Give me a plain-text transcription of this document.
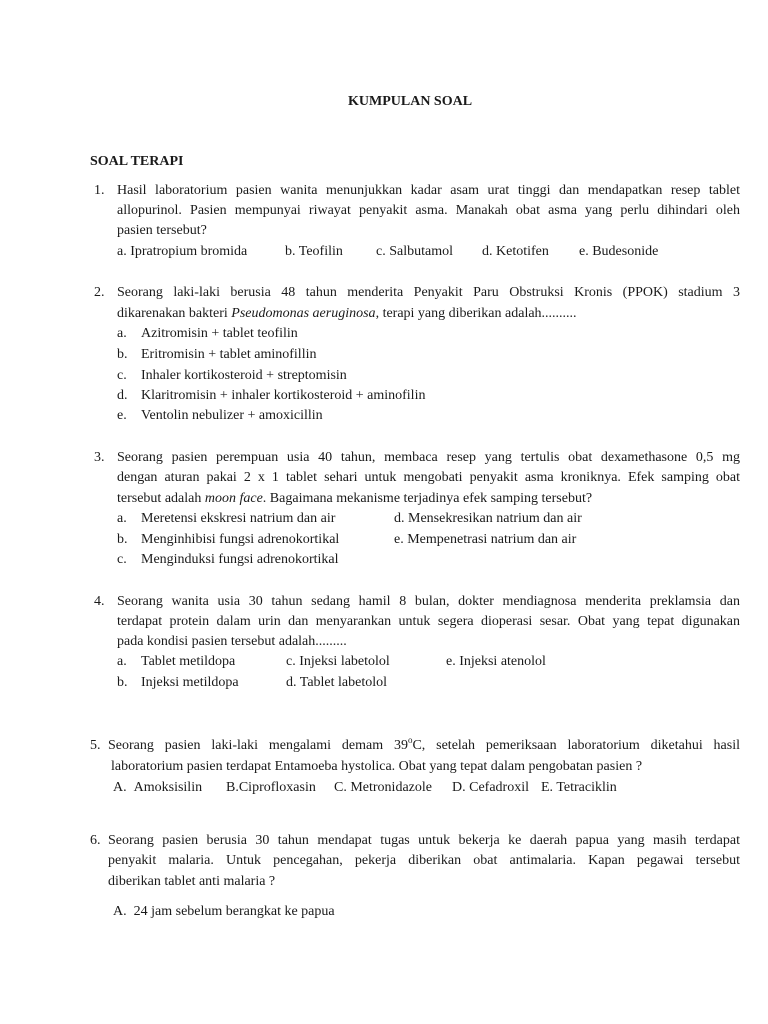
KUMPULAN SOAL
SOAL TERAPI
1. Hasil laboratorium pasien wanita menunjukkan kadar asam urat tinggi dan mendapatkan resep tablet
allopurinol. Pasien mempunyai riwayat penyakit asma. Manakah obat asma yang perlu dihindari oleh
pasien tersebut?
a. Ipratropium bromida	b. Teofilin c. Salbutamol d. Ketotifen e. Budesonide
2. Seorang laki-laki berusia 48 tahun menderita Penyakit Paru Obstruksi Kronis (PPOK) stadium 3
dikarenakan bakteri Pseudomonas aeruginosa, terapi yang diberikan adalah..........
a. Azitromisin + tablet teofilin
b. Eritromisin + tablet aminofillin
c. Inhaler kortikosteroid + streptomisin
d. Klaritromisin + inhaler kortikosteroid + aminofilin
e. Ventolin nebulizer + amoxicillin
3. Seorang pasien perempuan usia 40 tahun, membaca resep yang tertulis obat dexamethasone 0,5 mg
dengan aturan pakai 2 x 1 tablet sehari untuk mengobati penyakit asma kroniknya. Efek samping obat
tersebut adalah moon face. Bagaimana mekanisme terjadinya efek samping tersebut?
a. Meretensi ekskresi natrium dan air
b. Menginhibisi fungsi adrenokortikal
c. Menginduksi fungsi adrenokortikal
d. Mensekresikan natrium dan air
e. Mempenetrasi natrium dan air
4. Seorang wanita usia 30 tahun sedang hamil 8 bulan, dokter mendiagnosa menderita preklamsia dan
terdapat protein dalam urin dan menyarankan untuk segera dioperasi sesar. Obat yang tepat digunakan
pada kondisi pasien tersebut adalah.........
a. Tablet metildopa
b. Injeksi metildopa
c. Injeksi labetolol
d. Tablet labetolol
e. Injeksi atenolol
5. Seorang pasien laki-laki mengalami demam 39$^o$C, setelah pemeriksaan laboratorium diketahui hasil
laboratorium pasien terdapat Entamoeba hystolica. Obat yang tepat dalam pengobatan pasien ?
A. Amoksisilin B.Ciprofloxasin C. Metronidazole D. Cefadroxil E. Tetraciklin
6. Seorang pasien berusia 30 tahun mendapat tugas untuk bekerja ke daerah papua yang masih terdapat
penyakit malaria. Untuk pencegahan, pekerja diberikan obat antimalaria. Kapan pegawai tersebut
diberikan tablet anti malaria ?
A. 24 jam sebelum berangkat ke papua
